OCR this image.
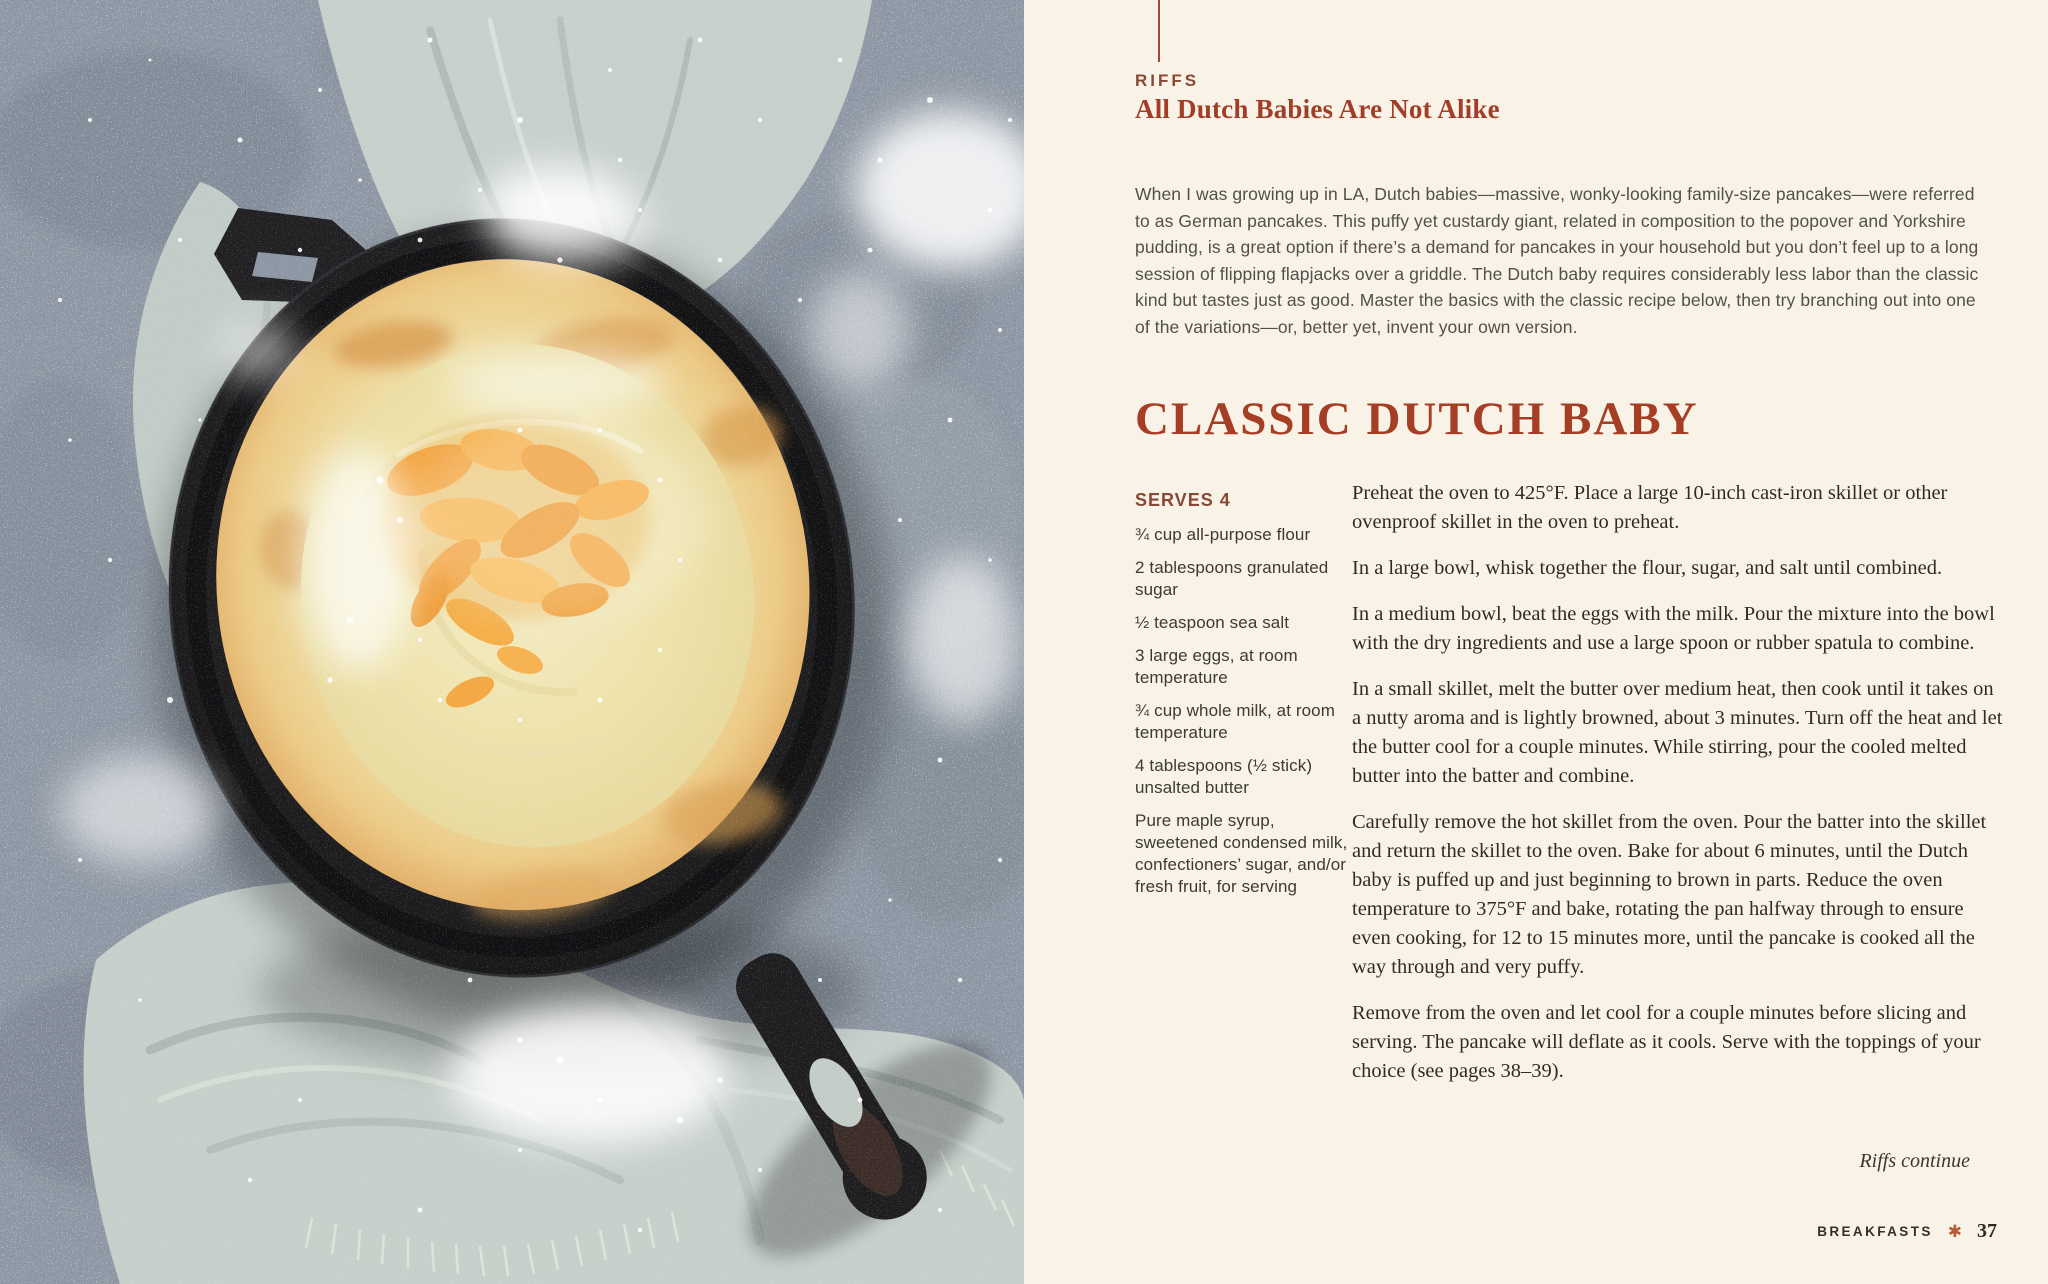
RIFFS
All Dutch Babies Are Not Alike

When I was growing up in LA, Dutch babies—massive, wonky-looking family-size pancakes—were referred to as German pancakes. This puffy yet custardy giant, related in composition to the popover and Yorkshire pudding, is a great option if there’s a demand for pancakes in your household but you don’t feel up to a long session of flipping flapjacks over a griddle. The Dutch baby requires considerably less labor than the classic kind but tastes just as good. Master the basics with the classic recipe below, then try branching out into one of the variations—or, better yet, invent your own version.

CLASSIC DUTCH BABY
SERVES 4

¾ cup all-purpose flour

2 tablespoons granulated sugar

½ teaspoon sea salt

3 large eggs, at room temperature

¾ cup whole milk, at room temperature

4 tablespoons (½ stick) unsalted butter

Pure maple syrup, sweetened condensed milk, confectioners’ sugar, and/or fresh fruit, for serving

Preheat the oven to 425°F. Place a large 10-inch cast-iron skillet or other ovenproof skillet in the oven to preheat.

In a large bowl, whisk together the flour, sugar, and salt until combined.

In a medium bowl, beat the eggs with the milk. Pour the mixture into the bowl with the dry ingredients and use a large spoon or rubber spatula to combine.

In a small skillet, melt the butter over medium heat, then cook until it takes on a nutty aroma and is lightly browned, about 3 minutes. Turn off the heat and let the butter cool for a couple minutes. While stirring, pour the cooled melted butter into the batter and combine.

Carefully remove the hot skillet from the oven. Pour the batter into the skillet and return the skillet to the oven. Bake for about 6 minutes, until the Dutch baby is puffed up and just beginning to brown in parts. Reduce the oven temperature to 375°F and bake, rotating the pan halfway through to ensure even cooking, for 12 to 15 minutes more, until the pancake is cooked all the way through and very puffy.

Remove from the oven and let cool for a couple minutes before slicing and serving. The pancake will deflate as it cools. Serve with the toppings of your choice (see pages 38–39).

Riffs continue
BREAKFASTS ✱ 37
